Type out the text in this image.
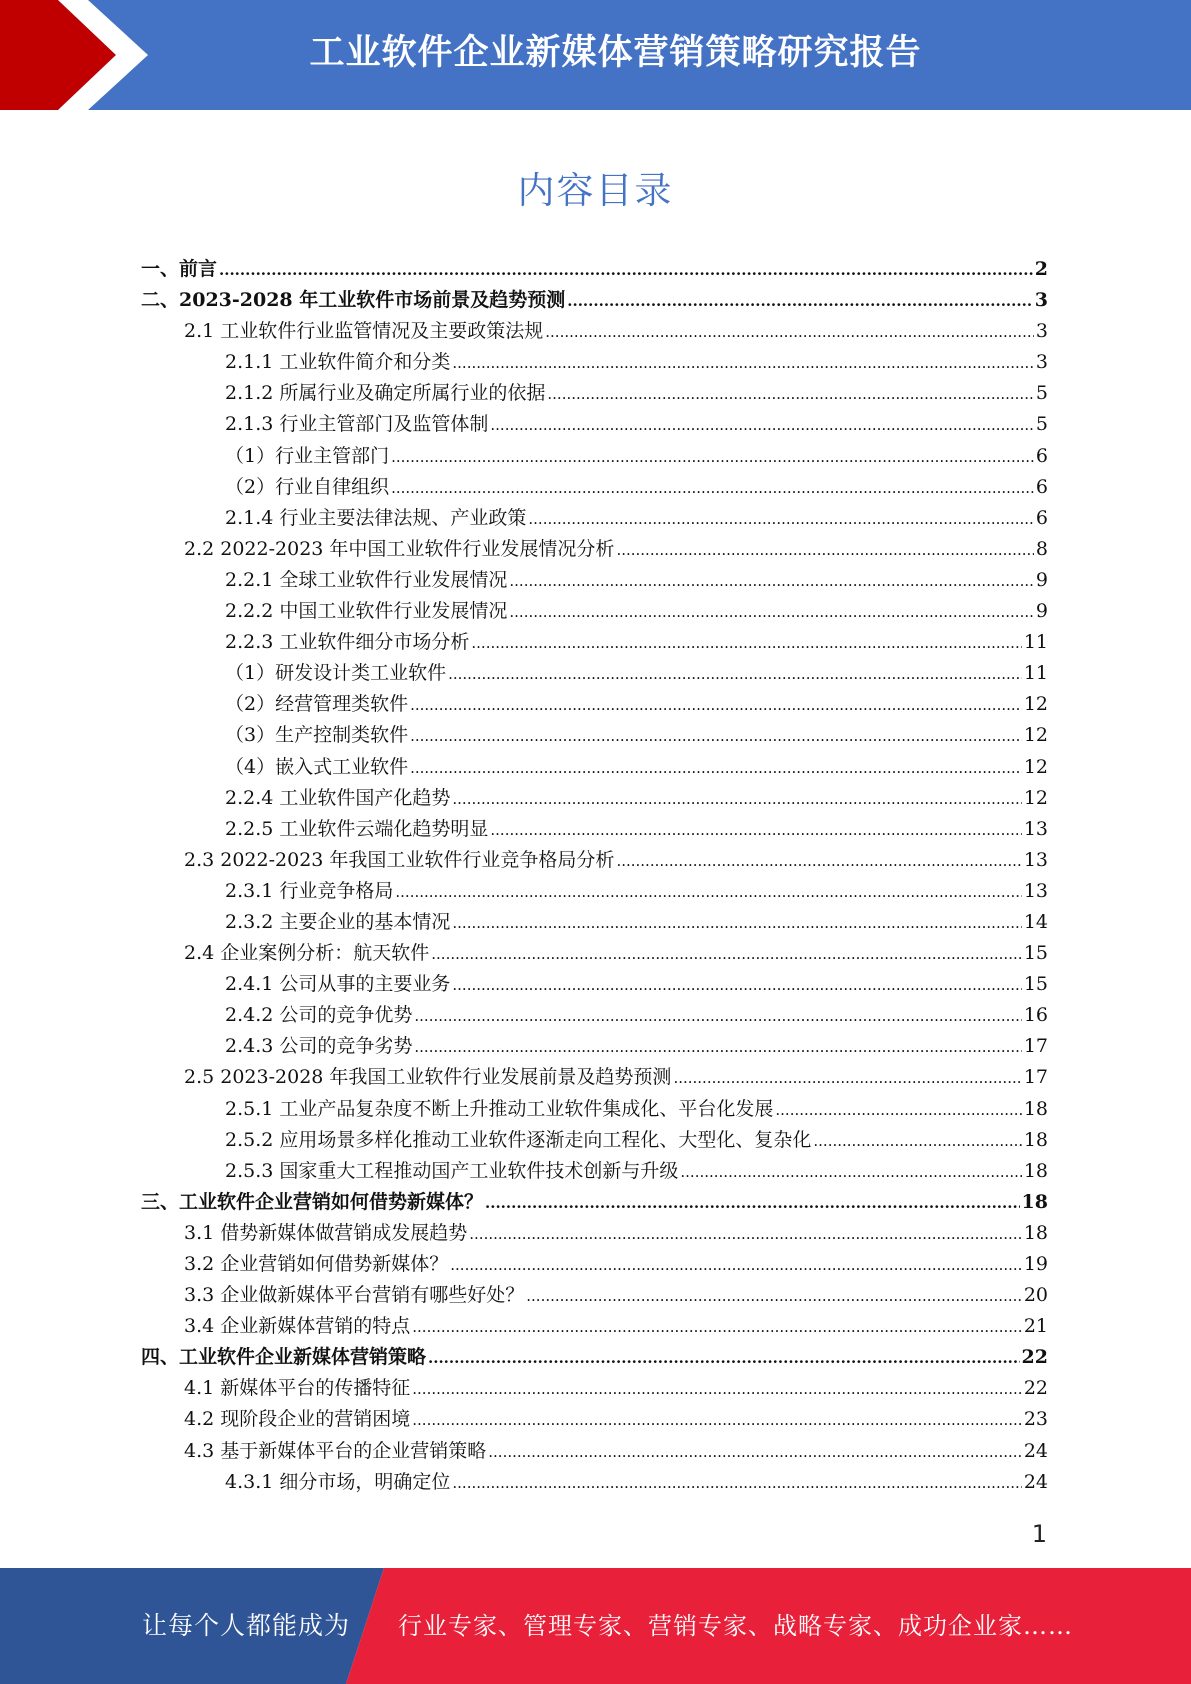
工业软件企业新媒体营销策略研究报告
内容目录
一、前言 .....	2
二、2023-2028 年工业软件市场前景及趋势预测 .....	3
2.1 工业软件行业监管情况及主要政策法规 .....	3
2.1.1 工业软件简介和分类 .....	3
2.1.2 所属行业及确定所属行业的依据 .....	5
2.1.3 行业主管部门及监管体制 .....	5
（1）行业主管部门 .....	6
（2）行业自律组织 .....	6
2.1.4 行业主要法律法规、产业政策 .....	6
2.2 2022-2023 年中国工业软件行业发展情况分析 .....	8
2.2.1 全球工业软件行业发展情况 .....	9
2.2.2 中国工业软件行业发展情况 .....	9
2.2.3 工业软件细分市场分析 .....	11
（1）研发设计类工业软件 .....	11
（2）经营管理类软件 .....	12
（3）生产控制类软件 .....	12
（4）嵌入式工业软件 .....	12
2.2.4 工业软件国产化趋势 .....	12
2.2.5 工业软件云端化趋势明显 .....	13
2.3 2022-2023 年我国工业软件行业竞争格局分析 .....	13
2.3.1 行业竞争格局 .....	13
2.3.2 主要企业的基本情况 .....	14
2.4 企业案例分析：航天软件 .....	15
2.4.1 公司从事的主要业务 .....	15
2.4.2 公司的竞争优势 .....	16
2.4.3 公司的竞争劣势 .....	17
2.5 2023-2028 年我国工业软件行业发展前景及趋势预测 .....	17
2.5.1 工业产品复杂度不断上升推动工业软件集成化、平台化发展 .....	18
2.5.2 应用场景多样化推动工业软件逐渐走向工程化、大型化、复杂化 .....	18
2.5.3 国家重大工程推动国产工业软件技术创新与升级 .....	18
三、工业软件企业营销如何借势新媒体？ .....	18
3.1 借势新媒体做营销成发展趋势 .....	18
3.2 企业营销如何借势新媒体？ .....	19
3.3 企业做新媒体平台营销有哪些好处？ .....	20
3.4 企业新媒体营销的特点 .....	21
四、工业软件企业新媒体营销策略 .....	22
4.1 新媒体平台的传播特征 .....	22
4.2 现阶段企业的营销困境 .....	23
4.3 基于新媒体平台的企业营销策略 .....	24
4.3.1 细分市场，明确定位 .....	24
1
让每个人都能成为 行业专家、管理专家、营销专家、战略专家、成功企业家……
